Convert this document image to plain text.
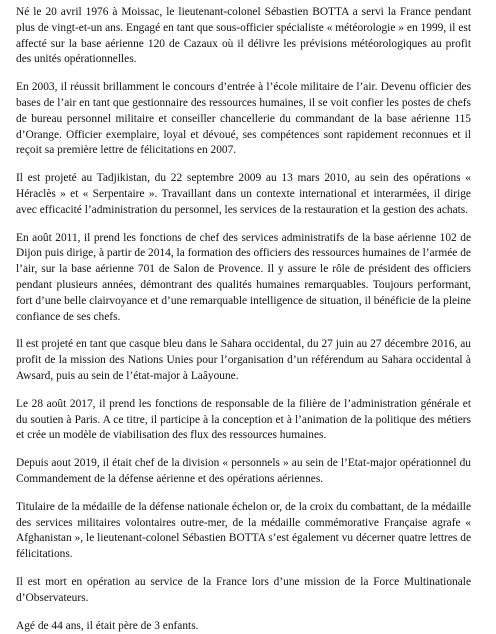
Né le 20 avril 1976 à Moissac, le lieutenant-colonel Sébastien BOTTA a servi la France pendant plus de vingt-et-un ans. Engagé en tant que sous-officier spécialiste « météorologie » en 1999, il est affecté sur la base aérienne 120 de Cazaux où il délivre les prévisions météorologiques au profit des unités opérationnelles.

En 2003, il réussit brillamment le concours d’entrée à l’école militaire de l’air. Devenu officier des bases de l’air en tant que gestionnaire des ressources humaines, il se voit confier les postes de chefs de bureau personnel militaire et conseiller chancellerie du commandant de la base aérienne 115 d’Orange. Officier exemplaire, loyal et dévoué, ses compétences sont rapidement reconnues et il reçoit sa première lettre de félicitations en 2007.

Il est projeté au Tadjikistan, du 22 septembre 2009 au 13 mars 2010, au sein des opérations « Héraclès » et « Serpentaire ». Travaillant dans un contexte international et interarmées, il dirige avec efficacité l’administration du personnel, les services de la restauration et la gestion des achats.

En août 2011, il prend les fonctions de chef des services administratifs de la base aérienne 102 de Dijon puis dirige, à partir de 2014, la formation des officiers des ressources humaines de l’armée de l’air, sur la base aérienne 701 de Salon de Provence. Il y assure le rôle de président des officiers pendant plusieurs années, démontrant des qualités humaines remarquables. Toujours performant, fort d’une belle clairvoyance et d’une remarquable intelligence de situation, il bénéficie de la pleine confiance de ses chefs.

Il est projeté en tant que casque bleu dans le Sahara occidental, du 27 juin au 27 décembre 2016, au profit de la mission des Nations Unies pour l’organisation d’un référendum au Sahara occidental à Awsard, puis au sein de l’état-major à Laâyoune.

Le 28 août 2017, il prend les fonctions de responsable de la filière de l’administration générale et du soutien à Paris. A ce titre, il participe à la conception et à l’animation de la politique des métiers et crée un modèle de viabilisation des flux des ressources humaines.

Depuis aout 2019, il était chef de la division « personnels » au sein de l’Etat-major opérationnel du Commandement de la défense aérienne et des opérations aériennes.

Titulaire de la médaille de la défense nationale échelon or, de la croix du combattant, de la médaille des services militaires volontaires outre-mer, de la médaille commémorative Française agrafe « Afghanistan », le lieutenant-colonel Sébastien BOTTA s’est également vu décerner quatre lettres de félicitations.

Il est mort en opération au service de la France lors d’une mission de la Force Multinationale d’Observateurs.

Agé de 44 ans, il était père de 3 enfants.
